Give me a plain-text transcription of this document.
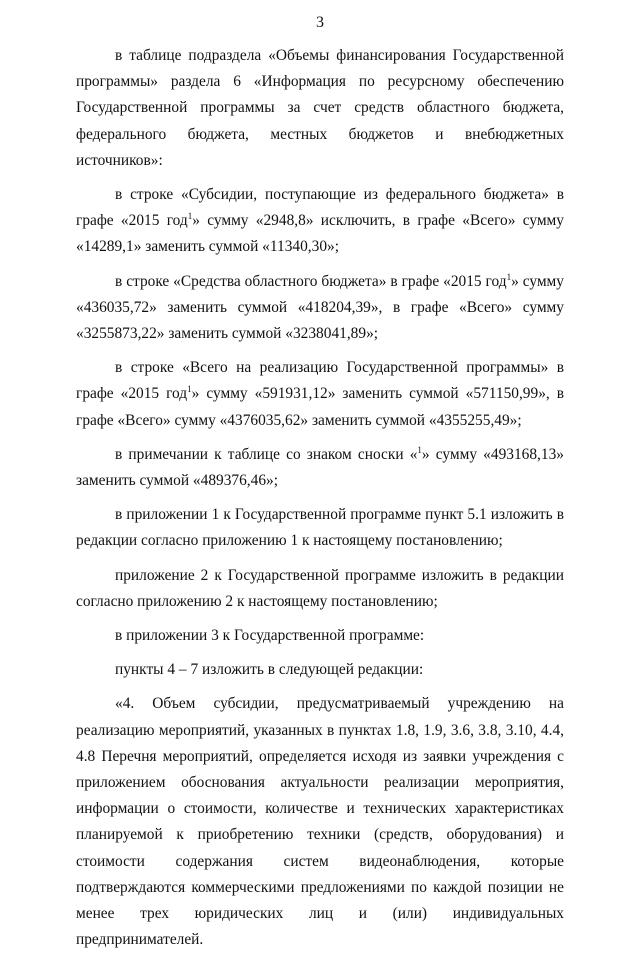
3

в таблице подраздела «Объемы финансирования Государственной программы» раздела 6 «Информация по ресурсному обеспечению Государственной программы за счет средств областного бюджета, федерального бюджета, местных бюджетов и внебюджетных источников»:

в строке «Субсидии, поступающие из федерального бюджета» в графе «2015 год$^1$» сумму «2948,8» исключить, в графе «Всего» сумму «14289,1» заменить суммой «11340,30»;

в строке «Средства областного бюджета» в графе «2015 год$^1$» сумму «436035,72» заменить суммой «418204,39», в графе «Всего» сумму «3255873,22» заменить суммой «3238041,89»;

в строке «Всего на реализацию Государственной программы» в графе «2015 год$^1$» сумму «591931,12» заменить суммой «571150,99», в графе «Всего» сумму «4376035,62» заменить суммой «4355255,49»;

в примечании к таблице со знаком сноски «$^1$» сумму «493168,13» заменить суммой «489376,46»;

в приложении 1 к Государственной программе пункт 5.1 изложить в редакции согласно приложению 1 к настоящему постановлению;

приложение 2 к Государственной программе изложить в редакции согласно приложению 2 к настоящему постановлению;

в приложении 3 к Государственной программе:

пункты 4 – 7 изложить в следующей редакции:

«4. Объем субсидии, предусматриваемый учреждению на реализацию мероприятий, указанных в пунктах 1.8, 1.9, 3.6, 3.8, 3.10, 4.4, 4.8 Перечня мероприятий, определяется исходя из заявки учреждения с приложением обоснования актуальности реализации мероприятия, информации о стоимости, количестве и технических характеристиках планируемой к приобретению техники (средств, оборудования) и стоимости содержания систем видеонаблюдения, которые подтверждаются коммерческими предложениями по каждой позиции не менее трех юридических лиц и (или) индивидуальных предпринимателей.
